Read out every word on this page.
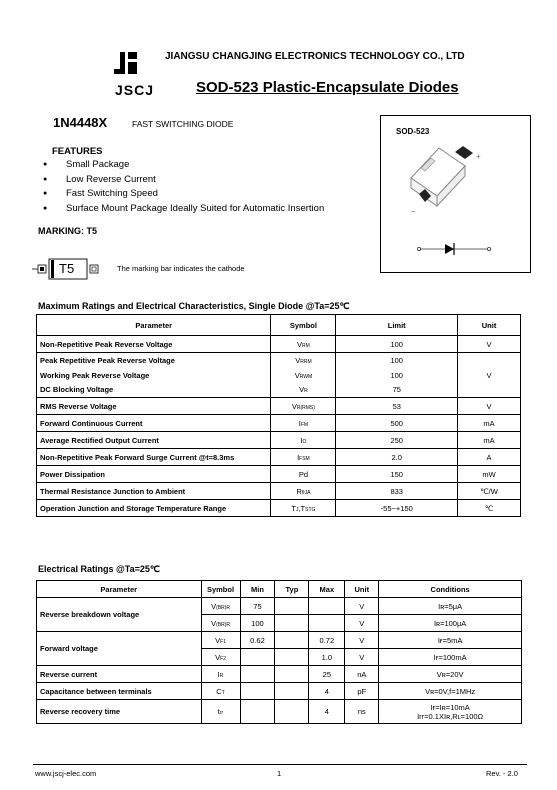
JSCJ
JIANGSU CHANGJING ELECTRONICS TECHNOLOGY CO., LTD
SOD-523 Plastic-Encapsulate Diodes
1N4448X	FAST SWITCHING DIODE
SOD-523
+
−
FEATURES
● Small Package
● Low Reverse Current
● Fast Switching Speed
● Surface Mount Package Ideally Suited for Automatic Insertion
MARKING: T5
T5	The marking bar indicates the cathode
Maximum Ratings and Electrical Characteristics, Single Diode @Ta=25℃
Parameter	Symbol	Limit	Unit
Non-Repetitive Peak Reverse Voltage	VRM	100	V
Peak Repetitive Peak Reverse Voltage	VRRM	100	
Working Peak Reverse Voltage	VRWM	100	V
DC Blocking Voltage	VR	75	
RMS Reverse Voltage	VR(RMS)	53	V
Forward Continuous Current	IFM	500	mA
Average Rectified Output Current	IO	250	mA
Non-Repetitive Peak Forward Surge Current @t=8.3ms	IFSM	2.0	A
Power Dissipation	Pd	150	mW
Thermal Resistance Junction to Ambient	RθJA	833	℃/W
Operation Junction and Storage Temperature Range	TJ,TSTG	-55~+150	℃
Electrical Ratings @Ta=25℃
Parameter	Symbol	Min	Typ	Max	Unit	Conditions
Reverse breakdown voltage	V(BR)R	75			V	Iʀ=5μA

	V(BR)R	100			V	Iʀ=100μA

Forward voltage	VF1	0.62		0.72	V	Iғ=5mA

	VF2			1.0	V	Iғ=100mA

Reverse current	IR			25	nA	Vʀ=20V

Capacitance between terminals	CT			4	pF	Vʀ=0V,f=1MHz

Reverse recovery time	trr			4	ns	Iғ=Iʀ=10mA
Irr=0.1XIʀ,Rʟ=100Ω
www.jscj-elec.com	1	Rev. - 2.0
